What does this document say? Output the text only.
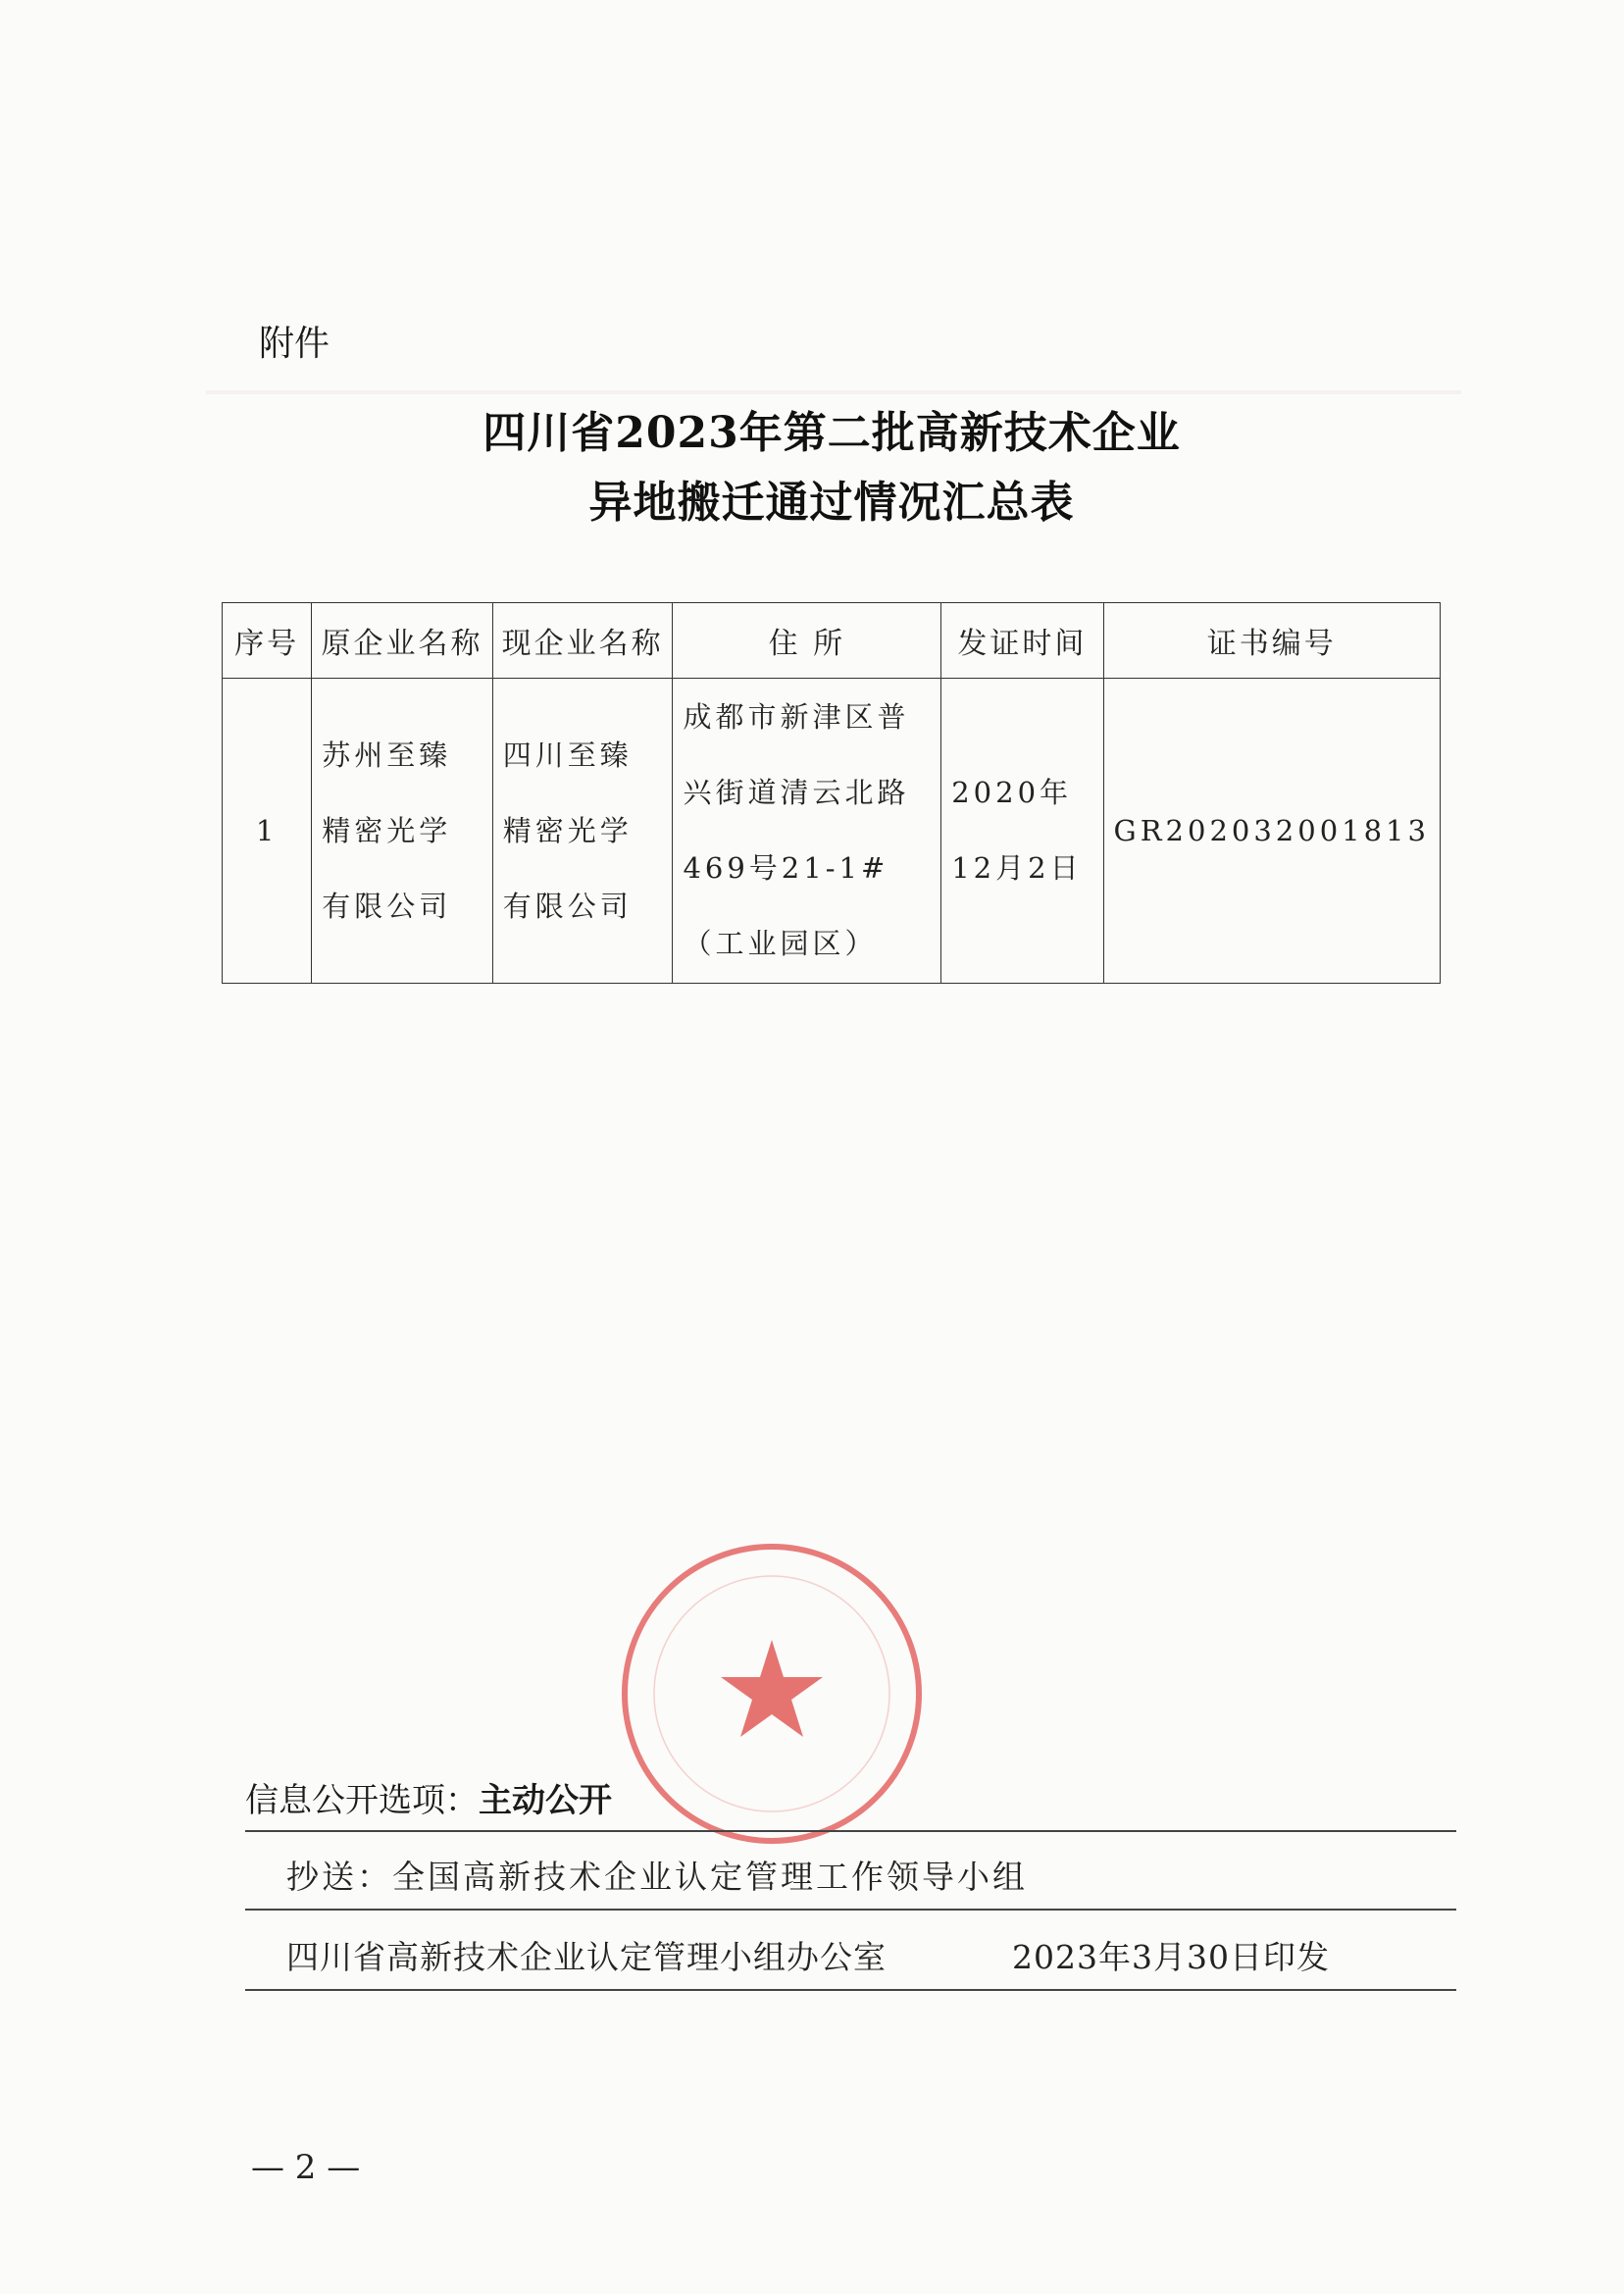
附件
四川省2023年第二批高新技术企业
异地搬迁通过情况汇总表
序号	原企业名称	现企业名称	住 所	发证时间	证书编号
1	苏州至臻精密光学有限公司	四川至臻精密光学有限公司	成都市新津区普兴街道清云北路469号21-1#（工业园区）	2020年12月2日	GR202032001813
信息公开选项：主动公开
抄送：全国高新技术企业认定管理工作领导小组
四川省高新技术企业认定管理小组办公室	2023年3月30日印发
— 2 —
